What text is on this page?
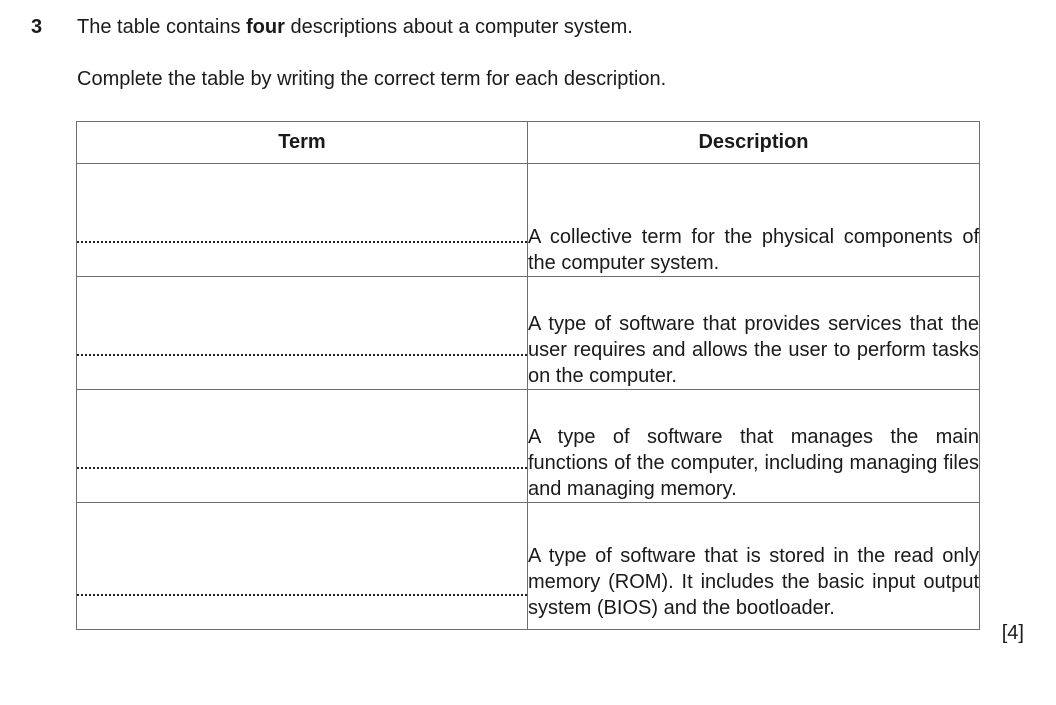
3 The table contains four descriptions about a computer system.
Complete the table by writing the correct term for each description.
Term	Description

	A collective term for the physical components of the computer system.

	A type of software that provides services that the user requires and allows the user to perform tasks on the computer.

	A type of software that manages the main functions of the computer, including managing files and managing memory.

	A type of software that is stored in the read only memory (ROM). It includes the basic input output system (BIOS) and the bootloader.
[4]
